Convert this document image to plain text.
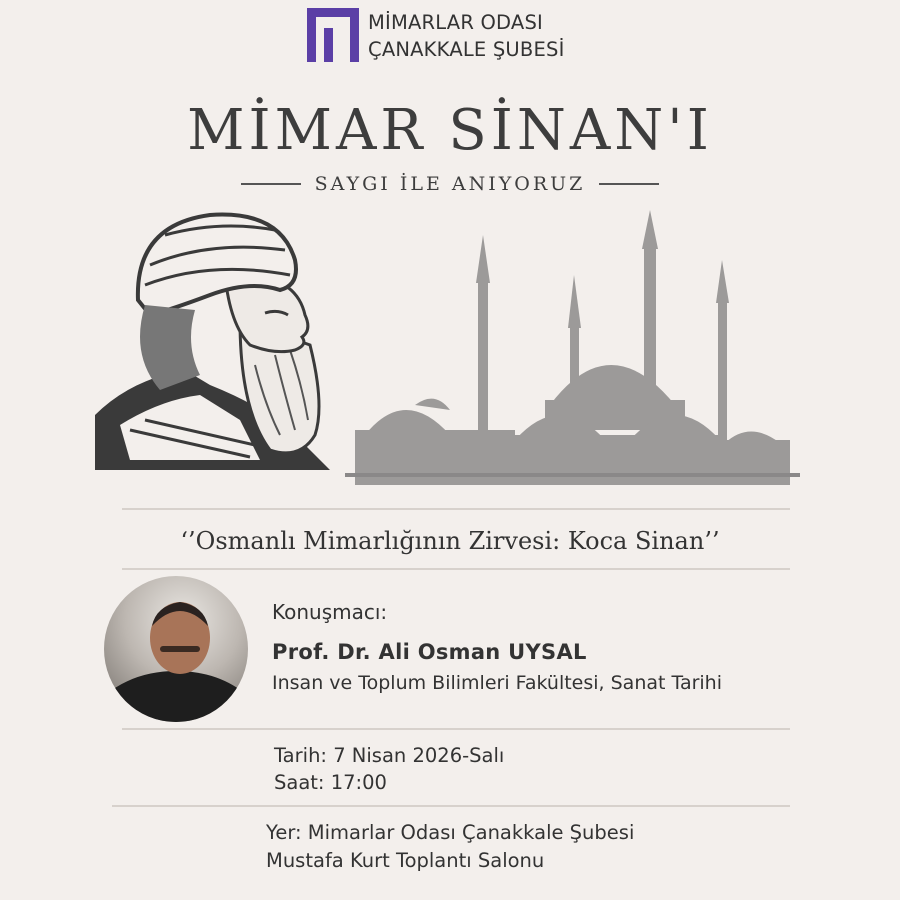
MİMARLAR ODASI
ÇANAKKALE ŞUBESİ
MİMAR SİNAN'I
SAYGI İLE ANIYORUZ
‘’Osmanlı Mimarlığının Zirvesi: Koca Sinan’’
Konuşmacı:
Prof. Dr. Ali Osman UYSAL
Insan ve Toplum Bilimleri Fakültesi, Sanat Tarihi
Tarih: 7 Nisan 2026-Salı
Saat: 17:00
Yer: Mimarlar Odası Çanakkale Şubesi
Mustafa Kurt Toplantı Salonu
